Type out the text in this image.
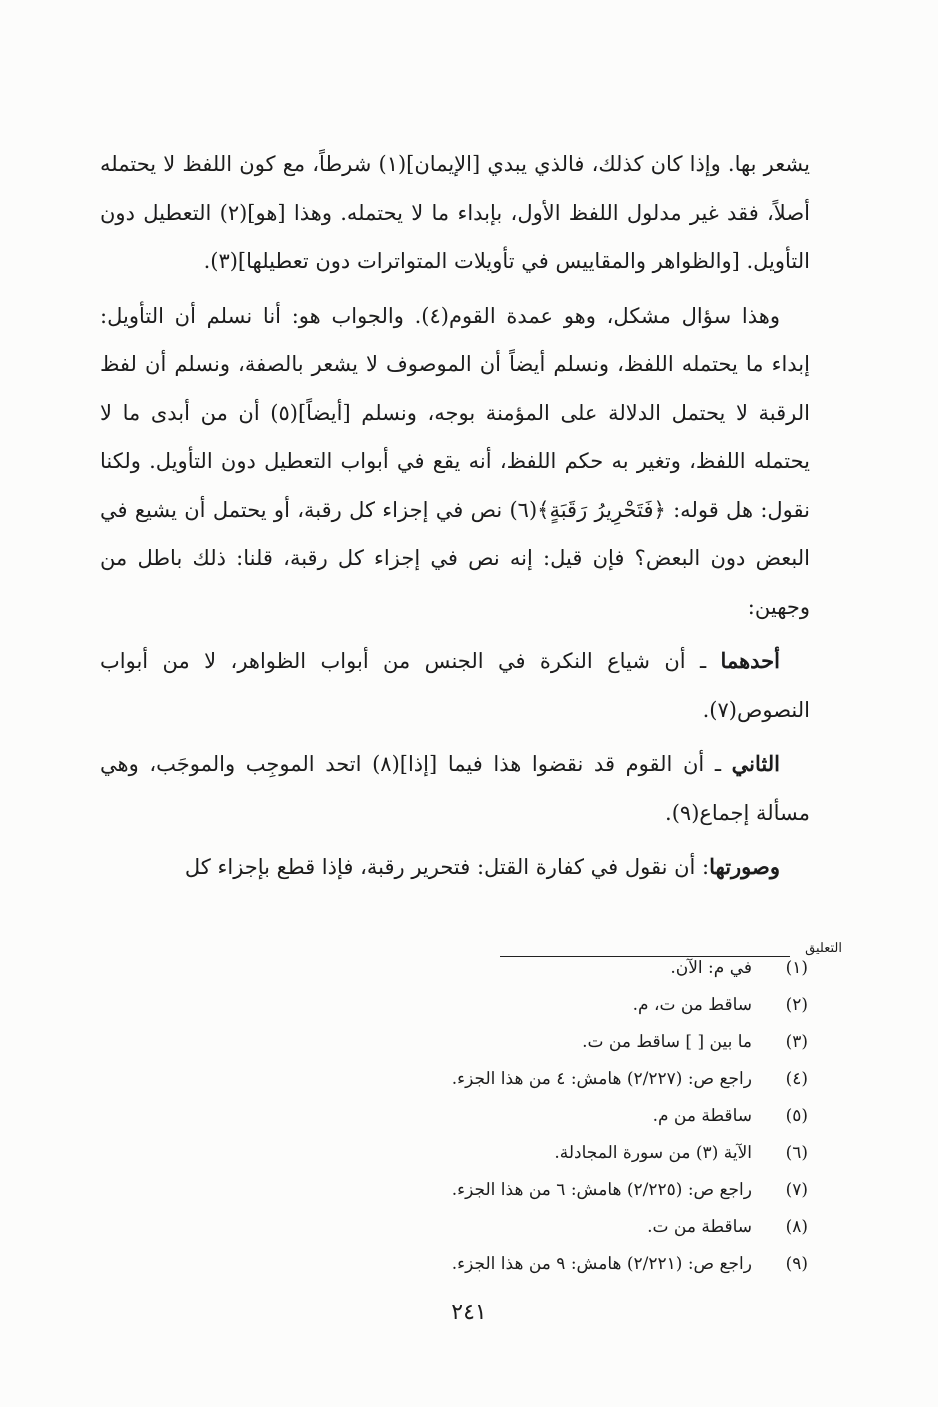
يشعر بها. وإذا كان كذلك، فالذي يبدي [الإيمان](١) شرطاً، مع كون اللفظ لا يحتمله أصلاً، فقد غير مدلول اللفظ الأول، بإبداء ما لا يحتمله. وهذا [هو](٢) التعطيل دون التأويل. [والظواهر والمقاييس في تأويلات المتواترات دون تعطيلها](٣).

وهذا سؤال مشكل، وهو عمدة القوم(٤). والجواب هو: أنا نسلم أن التأويل: إبداء ما يحتمله اللفظ، ونسلم أيضاً أن الموصوف لا يشعر بالصفة، ونسلم أن لفظ الرقبة لا يحتمل الدلالة على المؤمنة بوجه، ونسلم [أيضاً](٥) أن من أبدى ما لا يحتمله اللفظ، وتغير به حكم اللفظ، أنه يقع في أبواب التعطيل دون التأويل. ولكنا نقول: هل قوله: ﴿فَتَحْرِيرُ رَقَبَةٍ﴾(٦) نص في إجزاء كل رقبة، أو يحتمل أن يشيع في البعض دون البعض؟ فإن قيل: إنه نص في إجزاء كل رقبة، قلنا: ذلك باطل من وجهين:

أحدهما ـ أن شياع النكرة في الجنس من أبواب الظواهر، لا من أبواب النصوص(٧).

الثاني ـ أن القوم قد نقضوا هذا فيما [إذا](٨) اتحد الموجِب والموجَب، وهي مسألة إجماع(٩).

وصورتها: أن نقول في كفارة القتل: فتحرير رقبة، فإذا قطع بإجزاء كل

التعليق
(١)
في م: الآن.
(٢)
ساقط من ت، م.
(٣)
ما بين [ ] ساقط من ت.
(٤)
راجع ص: (٢/٢٢٧) هامش: ٤ من هذا الجزء.
(٥)
ساقطة من م.
(٦)
الآية (٣) من سورة المجادلة.
(٧)
راجع ص: (٢/٢٢٥) هامش: ٦ من هذا الجزء.
(٨)
ساقطة من ت.
(٩)
راجع ص: (٢/٢٢١) هامش: ٩ من هذا الجزء.
٢٤١
